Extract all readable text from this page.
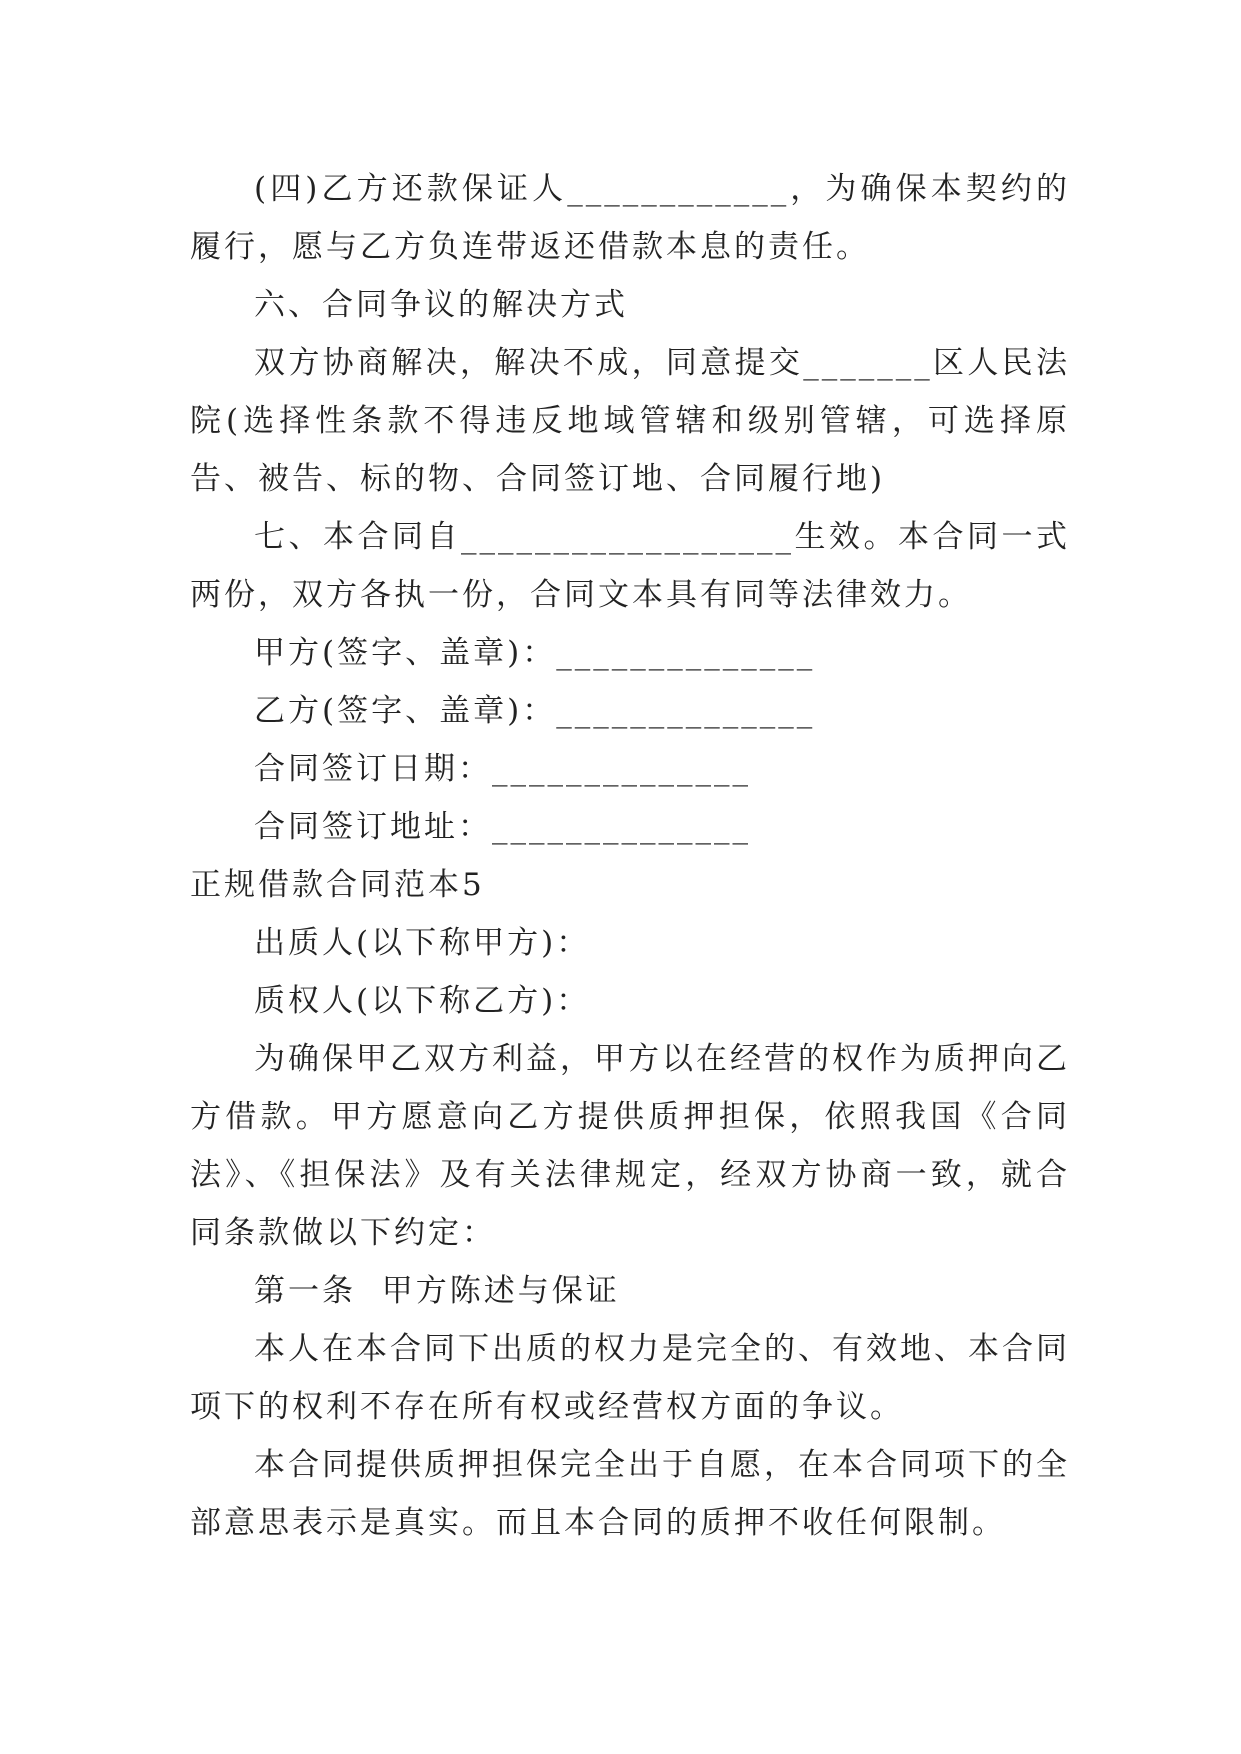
(四)乙方还款保证人____________，为确保本契约的履行，愿与乙方负连带返还借款本息的责任。

六、合同争议的解决方式

双方协商解决，解决不成，同意提交_______区人民法院(选择性条款不得违反地域管辖和级别管辖，可选择原告、被告、标的物、合同签订地、合同履行地)

七、本合同自__________________生效。本合同一式两份，双方各执一份，合同文本具有同等法律效力。

甲方(签字、盖章)：______________

乙方(签字、盖章)：______________

合同签订日期：______________

合同签订地址：______________

正规借款合同范本5

出质人(以下称甲方)：

质权人(以下称乙方)：

为确保甲乙双方利益，甲方以在经营的权作为质押向乙方借款。甲方愿意向乙方提供质押担保，依照我国《合同法》、《担保法》及有关法律规定，经双方协商一致，就合同条款做以下约定：

第一条  甲方陈述与保证

本人在本合同下出质的权力是完全的、有效地、本合同项下的权利不存在所有权或经营权方面的争议。

本合同提供质押担保完全出于自愿，在本合同项下的全部意思表示是真实。而且本合同的质押不收任何限制。
